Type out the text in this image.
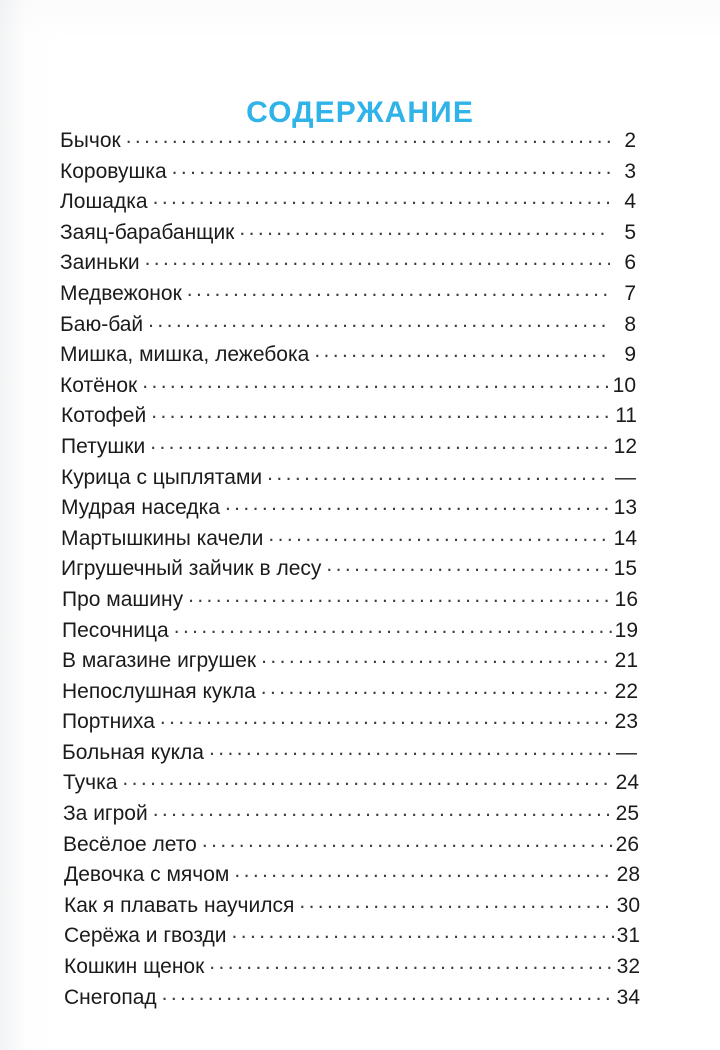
СОДЕРЖАНИЕ
Бычок .....	2
Коровушка .....	3
Лошадка .....	4
Заяц-барабанщик .....	5
Заиньки .....	6
Медвежонок .....	7
Баю-бай .....	8
Мишка, мишка, лежебока .....	9
Котёнок .....	10
Котофей .....	11
Петушки .....	12
Курица с цыплятами .....	—
Мудрая наседка .....	13
Мартышкины качели .....	14
Игрушечный зайчик в лесу .....	15
Про машину .....	16
Песочница .....	19
В магазине игрушек .....	21
Непослушная кукла .....	22
Портниха .....	23
Больная кукла .....	—
Тучка .....	24
За игрой .....	25
Весёлое лето .....	26
Девочка с мячом .....	28
Как я плавать научился .....	30
Серёжа и гвозди .....	31
Кошкин щенок .....	32
Снегопад .....	34
